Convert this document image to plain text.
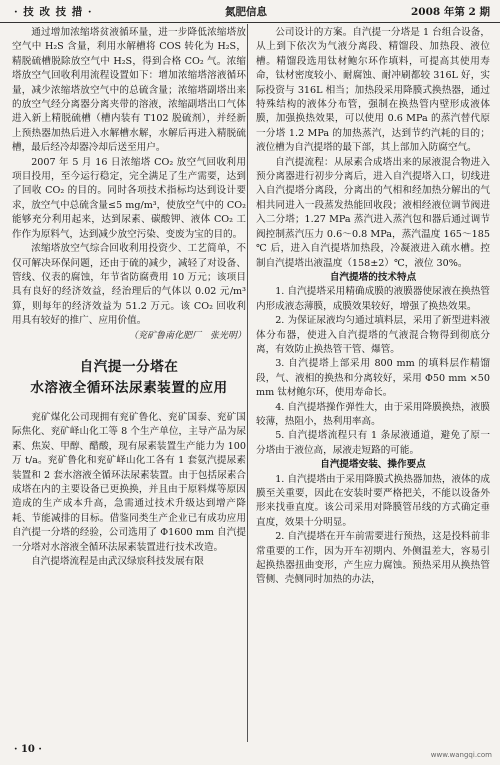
· 技 改 技 措 ·	氮肥信息	2008 年第 2 期

通过增加浓缩塔贫液循环量，进一步降低浓缩塔放空气中 H₂S 含量，利用水解槽将 COS 转化为 H₂S，精脱硫槽脱除放空气中 H₂S，得到合格 CO₂ 气。浓缩塔放空气回收利用流程设置如下：增加浓缩塔溶液循环量，减少浓缩塔放空气中的总硫含量；浓缩塔副塔出来的放空气经分离器分离夹带的溶液，浓缩副塔出口气体进入新上精脱硫槽（槽内装有 T102 脱硫剂），并经新上预热器加热后进入水解槽水解，水解后再进入精脱硫槽，最后经冷却器冷却后送至用户。

2007 年 5 月 16 日浓缩塔 CO₂ 放空气回收利用项目投用，至今运行稳定，完全满足了生产需要，达到了回收 CO₂ 的目的。同时各项技术指标均达到设计要求，放空气中总硫含量≤5 mg/m³，使放空气中的 CO₂ 能够充分利用起来，达到尿素、碳酸钾、液体 CO₂ 工作作为原料气，达到减少放空污染、变废为宝的目的。

浓缩塔放空气综合回收利用投资少、工艺简单，不仅可解决环保问题，还由于硫的减少，减轻了对设备、管线、仪表的腐蚀，年节省防腐费用 10 万元；该项目具有良好的经济效益，经治理后的气体以 0.02 元/m³ 算，则每年的经济效益为 51.2 万元。该 CO₂ 回收利用具有较好的推广、应用价值。

（兖矿鲁南化肥厂　张光明）

自汽提一分塔在
水溶液全循环法尿素装置的应用

兖矿煤化公司现拥有兖矿鲁化、兖矿国泰、兖矿国际焦化、兖矿峄山化工等 8 个生产单位，主导产品为尿素、焦炭、甲醇、醋酸，现有尿素装置生产能力为 100 万 t/a。兖矿鲁化和兖矿峄山化工各有 1 套氨汽提尿素装置和 2 套水溶液全循环法尿素装置。由于包括尿素合成塔在内的主要设备已更换换，并且由于原料煤等原因造成的生产成本升高，急需通过技术升级达到增产降耗、节能减排的目标。借鉴同类生产企业已有成功应用自汽提一分塔的经验，公司选用了 Φ1600 mm 自汽提一分塔对水溶液全循环法尿素装置进行技术改造。

自汽提塔流程是由武汉绿宸科技发展有限

公司设计的方案。自汽提一分塔是 1 台组合设备，从上到下依次为气液分离段、精馏段、加热段、液位槽。精馏段选用钛材鲍尔环作填料，可提高其使用寿命，钛材密度较小、耐腐蚀、耐冲刷都较 316L 好，实际投资与 316L 相当；加热段采用降膜式换热器，通过特殊结构的液体分布管，强制在换热管内壁形成液体膜，加强换热效果，可以使用 0.6 MPa 的蒸汽替代原一分塔 1.2 MPa 的加热蒸汽，达到节约汽耗的目的；液位槽为自汽提塔的最下部，其上部加入防腐空气。

自汽提流程：从尿素合成塔出来的尿液混合物进入预分离器进行初步分离后，进入自汽提塔入口，切线进入自汽提塔分离段，分离出的气相和经加热分解出的气相共同进入一段蒸发热能回收段；液相经液位调节阀进入二分塔；1.27 MPa 蒸汽进入蒸汽包和器后通过调节阀控制蒸汽压力 0.6～0.8 MPa，蒸汽温度 165～185 ℃ 后，进入自汽提塔加热段，冷凝液进入疏水槽。控制自汽提塔出液温度（158±2）℃，液位 30%。

自汽提塔的技术特点

1. 自汽提塔采用精确成膜的液膜器使尿液在换热管内形成液态薄膜，成膜效果较好，增强了换热效果。

2. 为保证尿液均匀通过填料层，采用了新型进料液体分布器，使进入自汽提塔的气液混合物得到彻底分离，有效防止换热管干管、爆管。

3. 自汽提塔上部采用 800 mm 的填料层作精馏段，气、液相的换热和分离较好，采用 Φ50 mm ×50 mm 钛材鲍尔环，使用寿命长。

4. 自汽提塔操作弹性大，由于采用降膜换热，液膜较薄，热阻小，热利用率高。

5. 自汽提塔流程只有 1 条尿液通道，避免了原一分塔由于液位高，尿液走短路的可能。

自汽提塔安装、操作要点

1. 自汽提塔由于采用降膜式换热器加热，液体的成膜至关重要，因此在安装时要严格把关，不能以设备外形来找垂直度。该公司采用对降膜管吊线的方式确定垂直度，效果十分明显。

2. 自汽提塔在开车前需要进行预热，这是投料前非常重要的工作，因为开车初期内、外侧温差大，容易引起换热器扭曲变形，产生应力腐蚀。预热采用从换热管管侧、壳侧同时加热的办法，

· 10 ·	www.wangqi.com
